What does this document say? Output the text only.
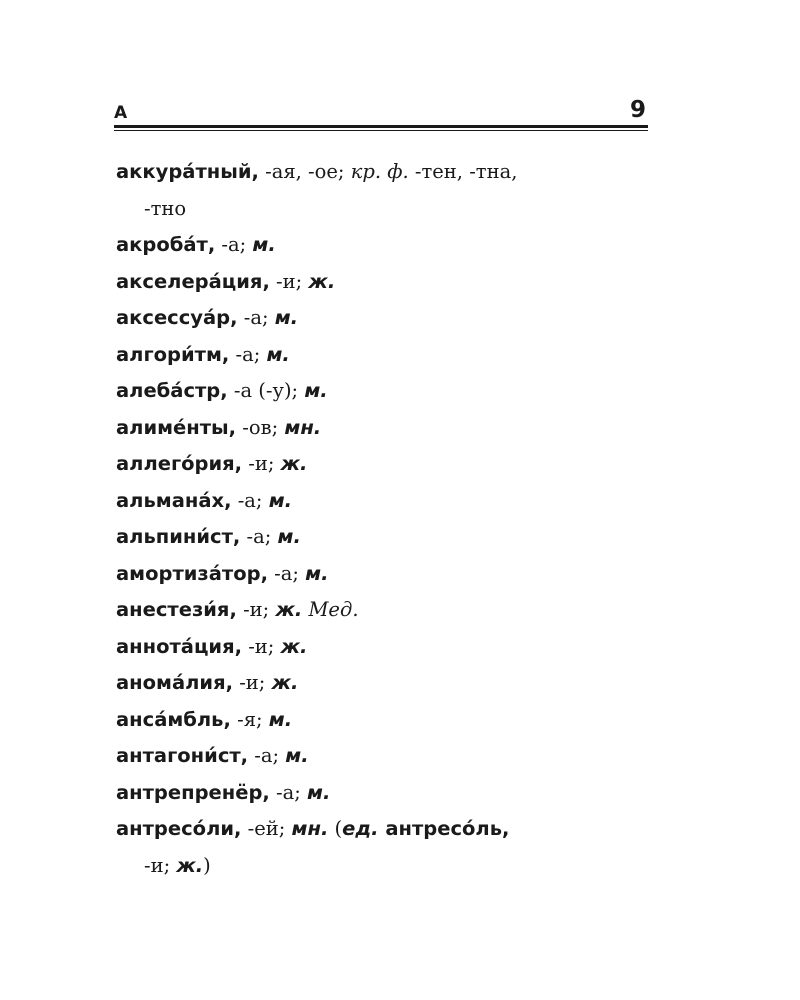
А	9
аккура́тный, -ая, -ое; кр. ф. -тен, -тна,
-тно
акроба́т, -а; м.
акселера́ция, -и; ж.
аксессуа́р, -а; м.
алгори́тм, -а; м.
алеба́стр, -а (-у); м.
алиме́нты, -ов; мн.
аллего́рия, -и; ж.
альмана́х, -а; м.
альпини́ст, -а; м.
амортиза́тор, -а; м.
анестези́я, -и; ж. Мед.
аннота́ция, -и; ж.
анома́лия, -и; ж.
анса́мбль, -я; м.
антагони́ст, -а; м.
антрепренёр, -а; м.
антресо́ли, -ей; мн. (ед. антресо́ль,
-и; ж.)
